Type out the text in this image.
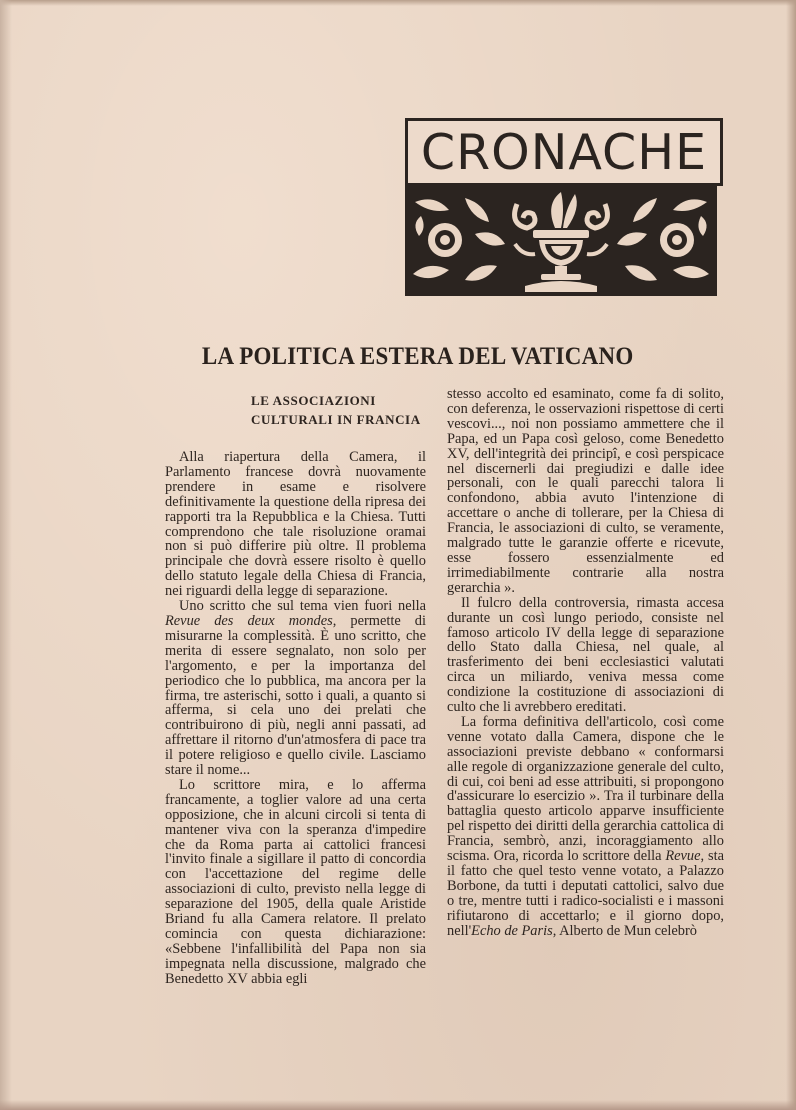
CRONACHE
LA POLITICA ESTERA DEL VATICANO
LE ASSOCIAZIONI CULTURALI IN FRANCIA

Alla riapertura della Camera, il Parlamento francese dovrà nuovamente prendere in esame e risolvere definitivamente la questione della ripresa dei rapporti tra la Repubblica e la Chiesa. Tutti comprendono che tale risoluzione oramai non si può differire più oltre. Il problema principale che dovrà essere risolto è quello dello statuto legale della Chiesa di Francia, nei riguardi della legge di separazione.

Uno scritto che sul tema vien fuori nella Revue des deux mondes, permette di misurarne la complessità. È uno scritto, che merita di essere segnalato, non solo per l'argomento, e per la importanza del periodico che lo pubblica, ma ancora per la firma, tre asterischi, sotto i quali, a quanto si afferma, si cela uno dei prelati che contribuirono di più, negli anni passati, ad affrettare il ritorno d'un'atmosfera di pace tra il potere religioso e quello civile. Lasciamo stare il nome...

Lo scrittore mira, e lo afferma francamente, a toglier valore ad una certa opposizione, che in alcuni circoli si tenta di mantener viva con la speranza d'impedire che da Roma parta ai cattolici francesi l'invito finale a sigillare il patto di concordia con l'accettazione del regime delle associazioni di culto, previsto nella legge di separazione del 1905, della quale Aristide Briand fu alla Camera relatore. Il prelato comincia con questa dichiarazione: «Sebbene l'infallibilità del Papa non sia impegnata nella discussione, malgrado che Benedetto XV abbia egli

stesso accolto ed esaminato, come fa di solito, con deferenza, le osservazioni rispettose di certi vescovi..., noi non possiamo ammettere che il Papa, ed un Papa così geloso, come Benedetto XV, dell'integrità dei principî, e così perspicace nel discernerli dai pregiudizi e dalle idee personali, con le quali parecchi talora li confondono, abbia avuto l'intenzione di accettare o anche di tollerare, per la Chiesa di Francia, le associazioni di culto, se veramente, malgrado tutte le garanzie offerte e ricevute, esse fossero essenzialmente ed irrimediabilmente contrarie alla nostra gerarchia ».

Il fulcro della controversia, rimasta accesa durante un così lungo periodo, consiste nel famoso articolo IV della legge di separazione dello Stato dalla Chiesa, nel quale, al trasferimento dei beni ecclesiastici valutati circa un miliardo, veniva messa come condizione la costituzione di associazioni di culto che li avrebbero ereditati.

La forma definitiva dell'articolo, così come venne votato dalla Camera, dispone che le associazioni previste debbano « conformarsi alle regole di organizzazione generale del culto, di cui, coi beni ad esse attribuiti, si propongono d'assicurare lo esercizio ». Tra il turbinare della battaglia questo articolo apparve insufficiente pel rispetto dei diritti della gerarchia cattolica di Francia, sembrò, anzi, incoraggiamento allo scisma. Ora, ricorda lo scrittore della Revue, sta il fatto che quel testo venne votato, a Palazzo Borbone, da tutti i deputati cattolici, salvo due o tre, mentre tutti i radico-socialisti e i massoni rifiutarono di accettarlo; e il giorno dopo, nell'Echo de Paris, Alberto de Mun celebrò
